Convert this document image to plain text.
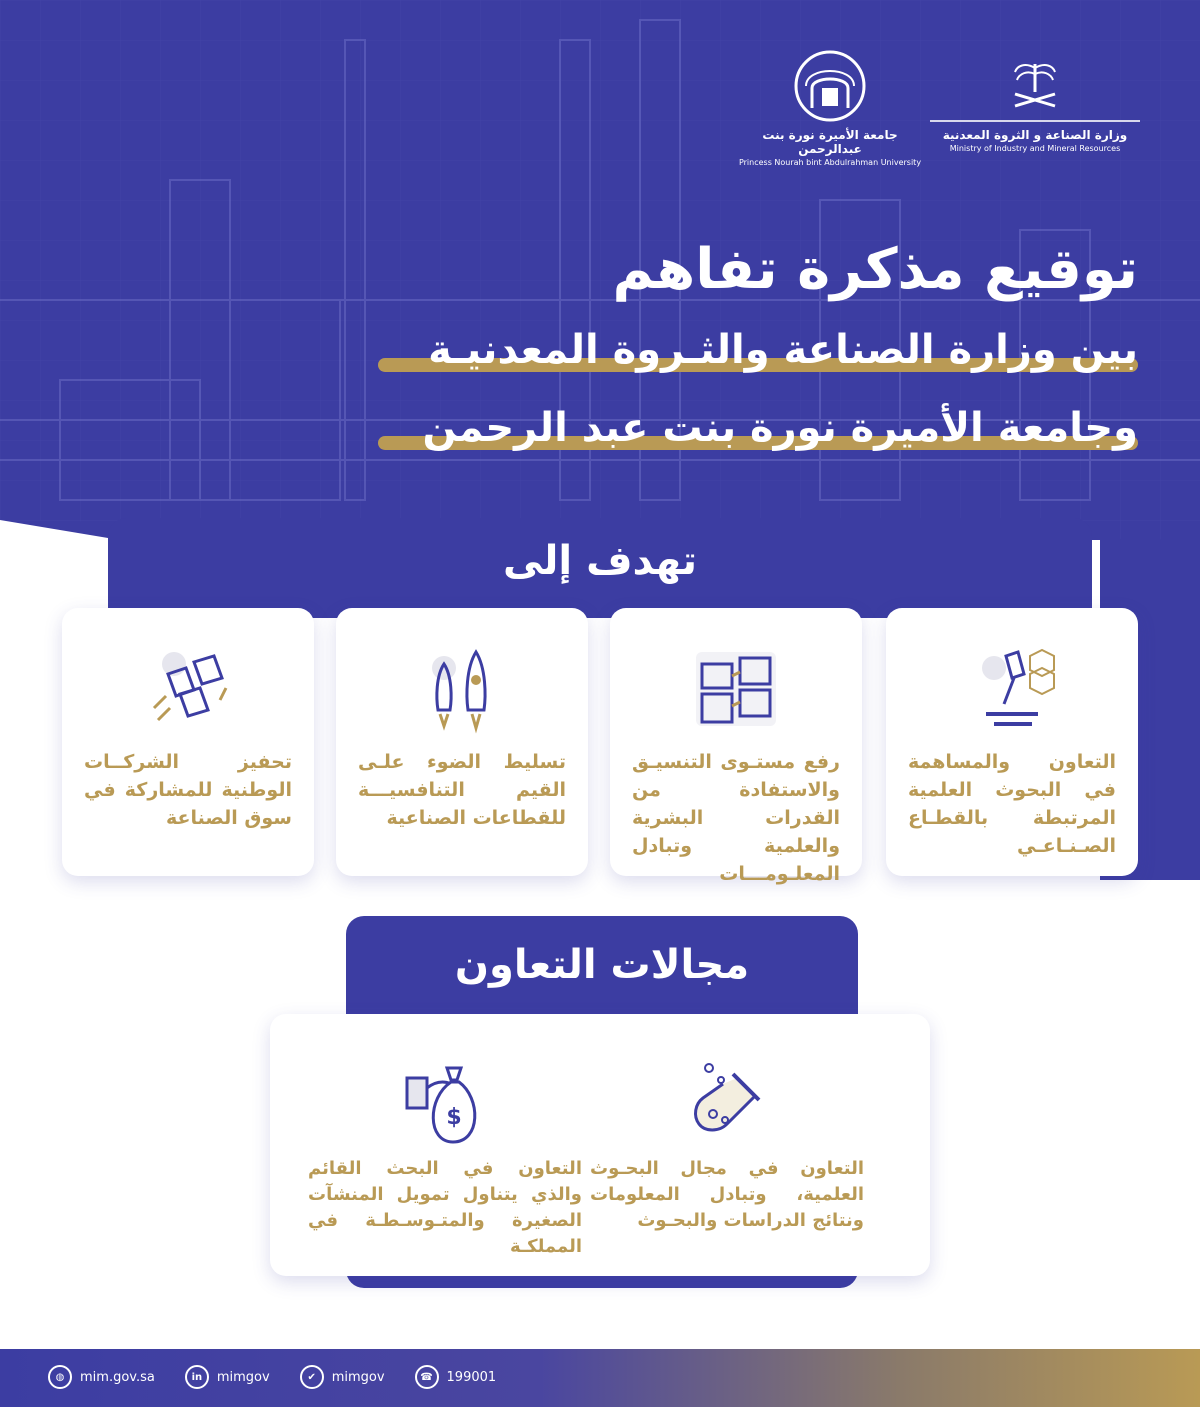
وزارة الصناعة و الثروة المعدنية
Ministry of Industry and Mineral Resources
جامعة الأميرة نورة بنت عبدالرحمن
Princess Nourah bint Abdulrahman University
توقيع مذكرة تفاهم
بين وزارة الصناعة والثـروة المعدنيـة
وجامعة الأميرة نورة بنت عبد الرحمن
تهدف إلى
التعاون والمساهمة في البحوث العلمية المرتبطة بالقطـاع الصـنـاعـي
رفع مستـوى التنسيـق والاستفادة من القدرات البشرية والعلمية وتبادل المعلـومـــات
تسليط الضوء علـى القيم التنافسيـــة للقطاعات الصناعية
تحفيز الشركــات الوطنية للمشاركة في سوق الصناعة
مجالات التعاون
التعاون في مجال البحـوث العلمية، وتبادل المعلومات ونتائج الدراسات والبحـوث
$
التعاون في البحث القائم والذي يتناول تمويل المنشآت الصغيرة والمتـوسـطـة في المملكـة
◍	mim.gov.sa	in	mimgov	✔	mimgov	☎	199001
